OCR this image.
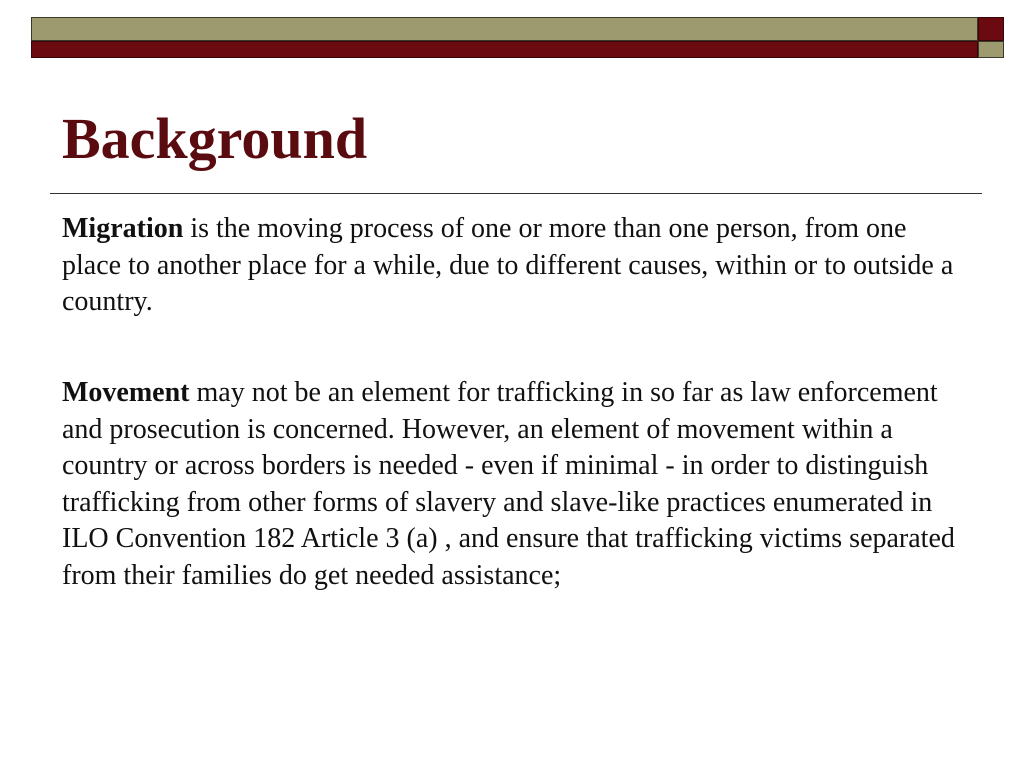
Background

Migration is the moving process of one or more than one person, from one place to another place for a while, due to different causes, within or to outside a country.

Movement may not be an element for trafficking in so far as law enforcement and prosecution is concerned. However, an element of movement within a country or across borders is needed - even if minimal - in order to distinguish trafficking from other forms of slavery and slave-like practices enumerated in ILO Convention 182 Article 3 (a) , and ensure that trafficking victims separated from their families do get needed assistance;
